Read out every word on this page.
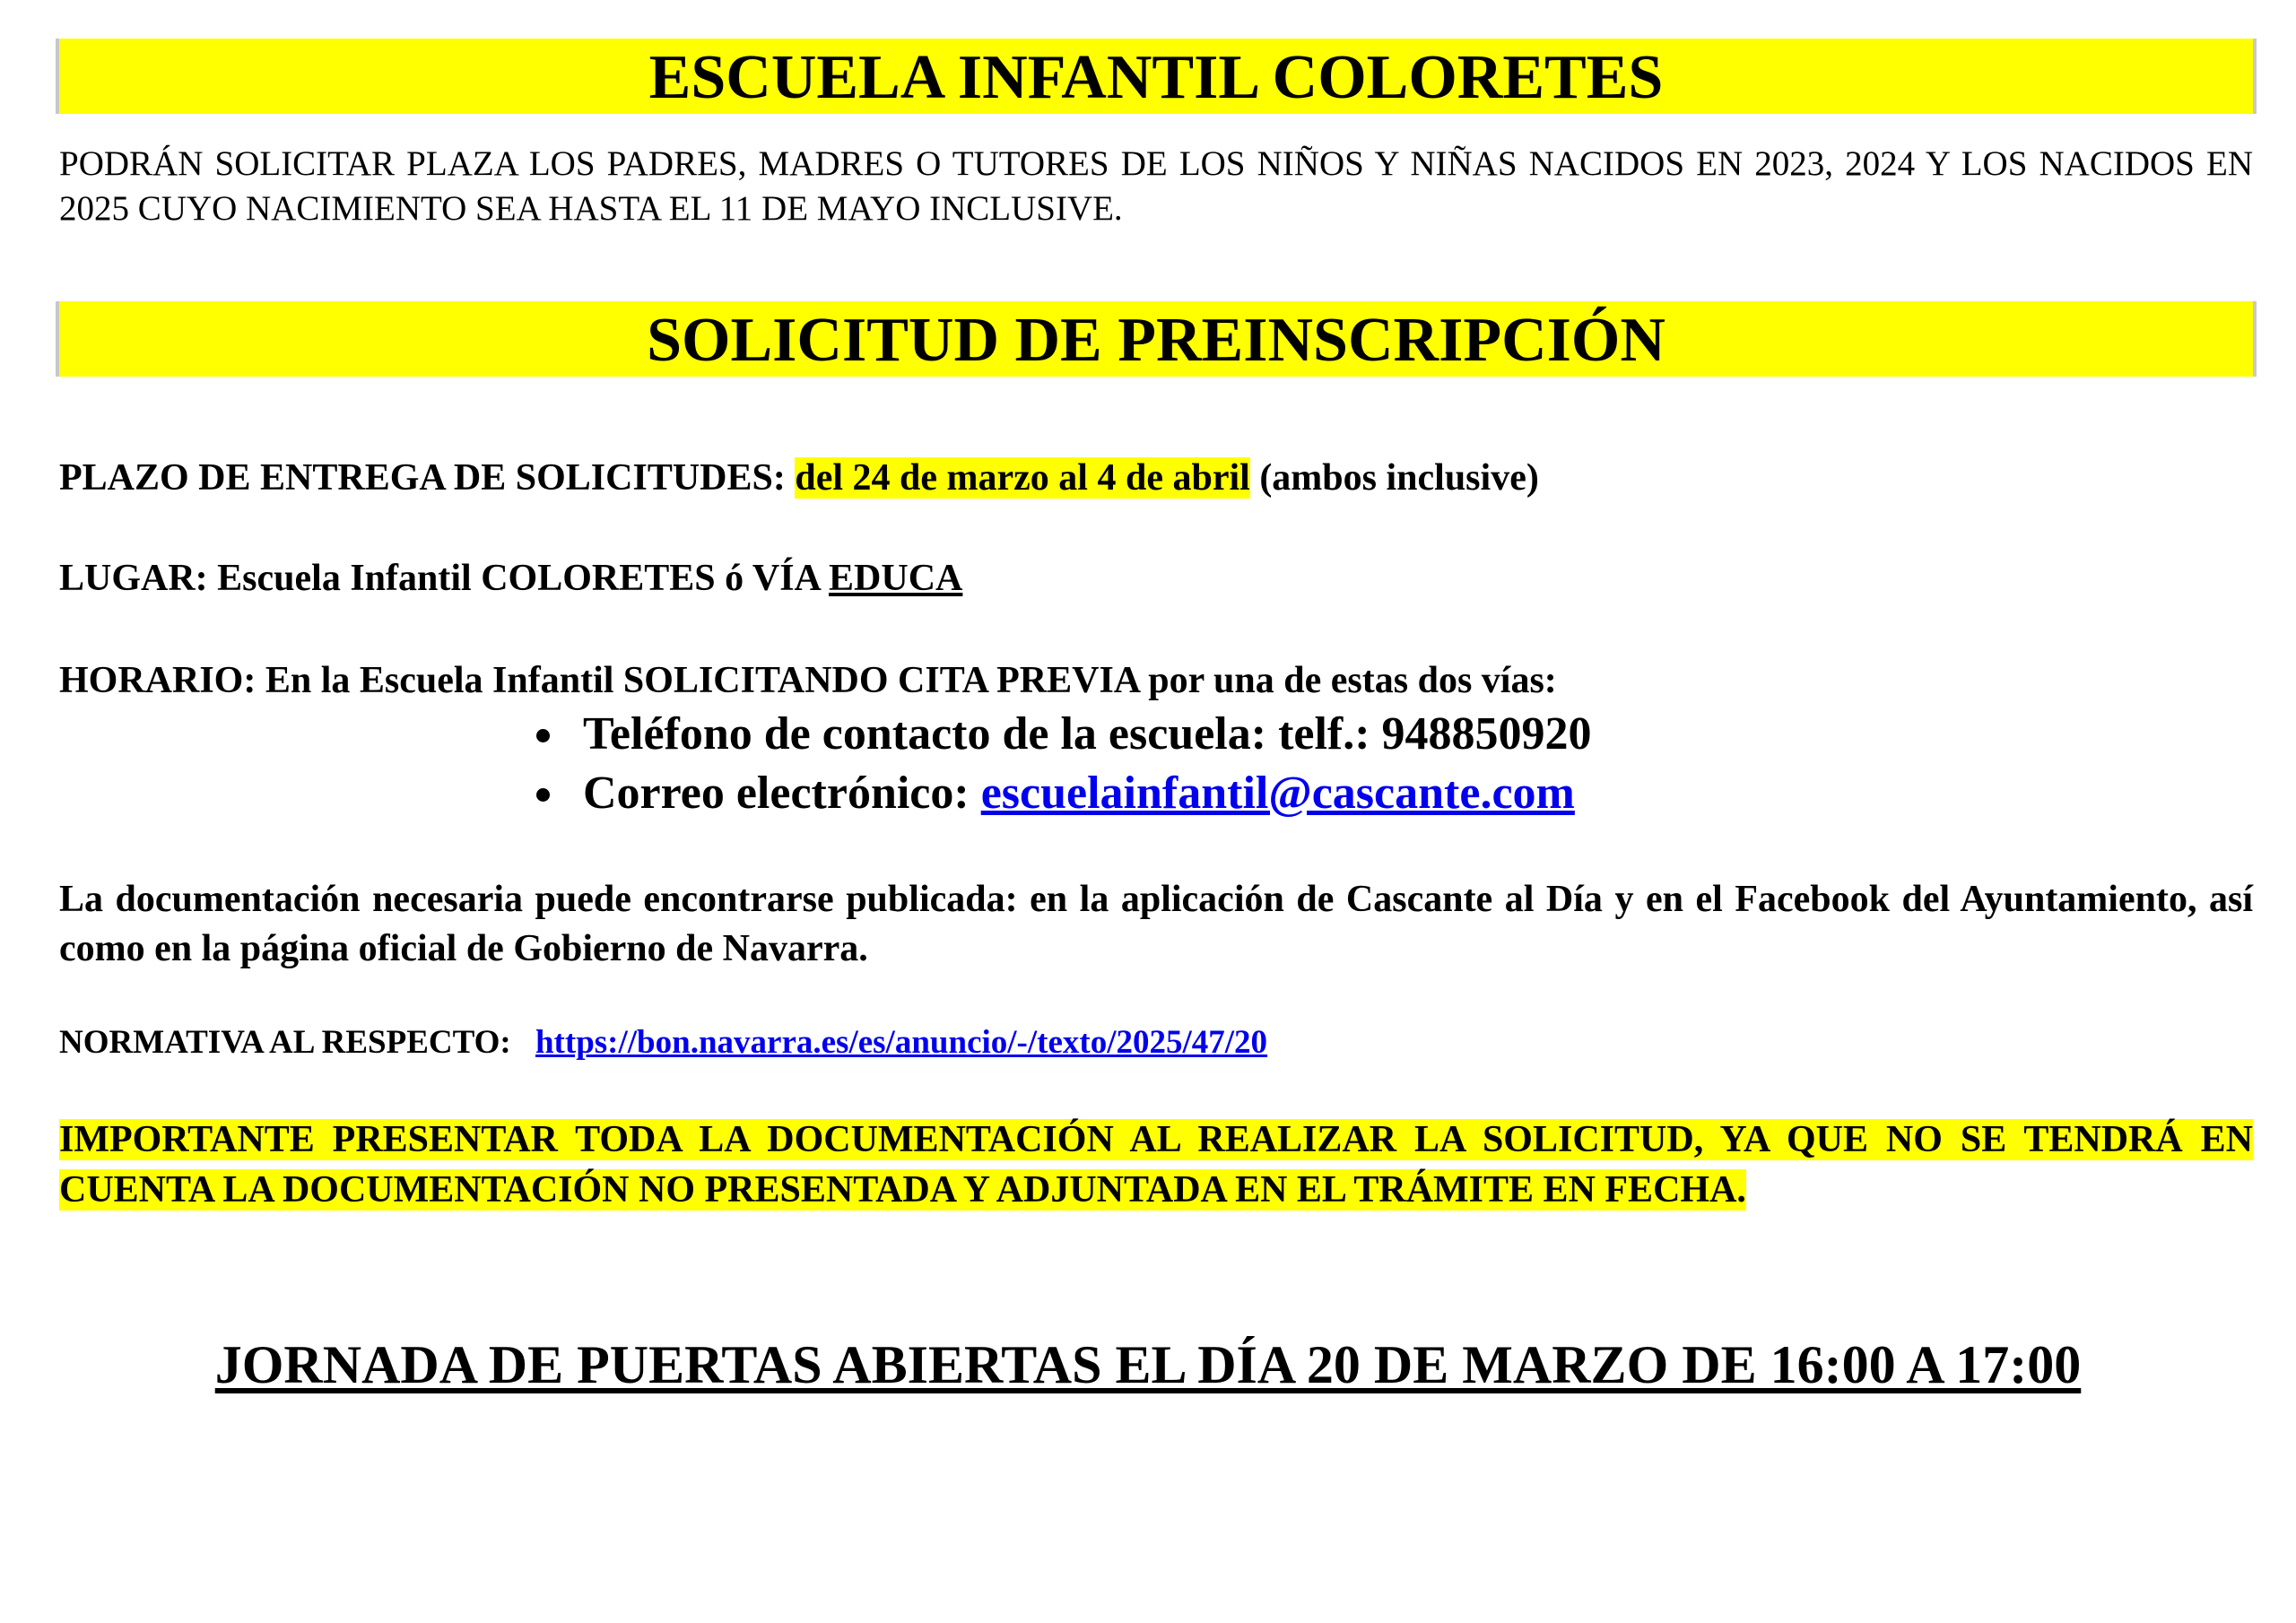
ESCUELA INFANTIL COLORETES
PODRÁN SOLICITAR PLAZA LOS PADRES, MADRES O TUTORES DE LOS NIÑOS Y NIÑAS NACIDOS EN 2023, 2024 Y LOS NACIDOS EN 2025 CUYO NACIMIENTO SEA HASTA EL 11 DE MAYO INCLUSIVE.
SOLICITUD DE PREINSCRIPCIÓN
PLAZO DE ENTREGA DE SOLICITUDES: del 24 de marzo al 4 de abril (ambos inclusive)
LUGAR: Escuela Infantil COLORETES ó VÍA EDUCA
HORARIO: En la Escuela Infantil SOLICITANDO CITA PREVIA por una de estas dos vías:
Teléfono de contacto de la escuela: telf.: 948850920
Correo electrónico: escuelainfantil@cascante.com
La documentación necesaria puede encontrarse publicada: en la aplicación de Cascante al Día y en el Facebook del Ayuntamiento, así como en la página oficial de Gobierno de Navarra.
NORMATIVA AL RESPECTO: https://bon.navarra.es/es/anuncio/-/texto/2025/47/20
IMPORTANTE PRESENTAR TODA LA DOCUMENTACIÓN AL REALIZAR LA SOLICITUD, YA QUE NO SE TENDRÁ EN CUENTA LA DOCUMENTACIÓN NO PRESENTADA Y ADJUNTADA EN EL TRÁMITE EN FECHA.
JORNADA DE PUERTAS ABIERTAS EL DÍA 20 DE MARZO DE 16:00 A 17:00
